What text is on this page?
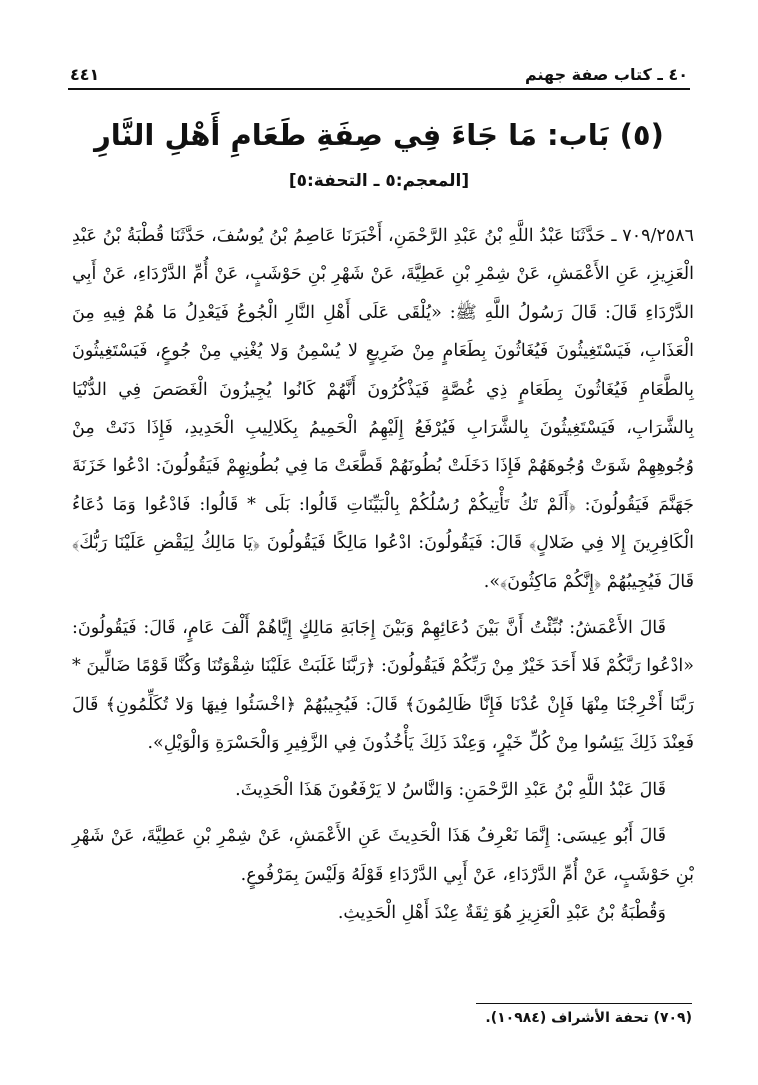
٤٠ ـ كتاب صفة جهنم
٤٤١
(٥) بَاب: مَا جَاءَ فِي صِفَةِ طَعَامِ أَهْلِ النَّارِ
[المعجم:٥ ـ التحفة:٥]

٧٠٩/٢٥٨٦ ـ حَدَّثَنَا عَبْدُ اللَّهِ بْنُ عَبْدِ الرَّحْمَنِ، أَخْبَرَنَا عَاصِمُ بْنُ يُوسُفَ، حَدَّثَنَا قُطْبَةُ بْنُ عَبْدِ الْعَزِيزِ، عَنِ الأَعْمَشِ، عَنْ شِمْرِ بْنِ عَطِيَّةَ، عَنْ شَهْرِ بْنِ حَوْشَبٍ، عَنْ أُمِّ الدَّرْدَاءِ، عَنْ أَبِي الدَّرْدَاءِ قَالَ: قَالَ رَسُولُ اللَّهِ ﷺ: «يُلْقَى عَلَى أَهْلِ النَّارِ الْجُوعُ فَيَعْدِلُ مَا هُمْ فِيهِ مِنَ الْعَذَابِ، فَيَسْتَغِيثُونَ فَيُغَاثُونَ بِطَعَامٍ مِنْ ضَرِيعٍ لا يُسْمِنُ وَلا يُغْنِي مِنْ جُوعٍ، فَيَسْتَغِيثُونَ بِالطَّعَامِ فَيُغَاثُونَ بِطَعَامٍ ذِي غُصَّةٍ فَيَذْكُرُونَ أَنَّهُمْ كَانُوا يُجِيزُونَ الْغَصَصَ فِي الدُّنْيَا بِالشَّرَابِ، فَيَسْتَغِيثُونَ بِالشَّرَابِ فَيُرْفَعُ إِلَيْهِمُ الْحَمِيمُ بِكَلالِيبِ الْحَدِيدِ، فَإِذَا دَنَتْ مِنْ وُجُوهِهِمْ شَوَتْ وُجُوهَهُمْ فَإِذَا دَخَلَتْ بُطُونَهُمْ قَطَّعَتْ مَا فِي بُطُونِهِمْ فَيَقُولُونَ: ادْعُوا خَزَنَةَ جَهَنَّمَ فَيَقُولُونَ: ﴿أَلَمْ تَكُ تَأْتِيكُمْ رُسُلُكُمْ بِالْبَيِّنَاتِ قَالُوا: بَلَى * قَالُوا: فَادْعُوا وَمَا دُعَاءُ الْكَافِرِينَ إِلا فِي ضَلالٍ﴾ قَالَ: فَيَقُولُونَ: ادْعُوا مَالِكًا فَيَقُولُونَ ﴿يَا مَالِكُ لِيَقْضِ عَلَيْنَا رَبُّكَ﴾ قَالَ فَيُجِيبُهُمْ ﴿إِنَّكُمْ مَاكِثُونَ﴾».

قَالَ الأَعْمَشُ: نُبِّئْتُ أَنَّ بَيْنَ دُعَائِهِمْ وَبَيْنَ إِجَابَةِ مَالِكٍ إِيَّاهُمْ أَلْفَ عَامٍ، قَالَ: فَيَقُولُونَ: «ادْعُوا رَبَّكُمْ فَلا أَحَدَ خَيْرٌ مِنْ رَبِّكُمْ فَيَقُولُونَ: ﴿رَبَّنَا غَلَبَتْ عَلَيْنَا شِقْوَتُنَا وَكُنَّا قَوْمًا ضَالِّينَ * رَبَّنَا أَخْرِجْنَا مِنْهَا فَإِنْ عُدْنَا فَإِنَّا ظَالِمُونَ﴾ قَالَ: فَيُجِيبُهُمْ ﴿اخْسَئُوا فِيهَا وَلا تُكَلِّمُونِ﴾ قَالَ فَعِنْدَ ذَلِكَ يَئِسُوا مِنْ كُلِّ خَيْرٍ، وَعِنْدَ ذَلِكَ يَأْخُذُونَ فِي الزَّفِيرِ وَالْحَسْرَةِ وَالْوَيْلِ».

قَالَ عَبْدُ اللَّهِ بْنُ عَبْدِ الرَّحْمَنِ: وَالنَّاسُ لا يَرْفَعُونَ هَذَا الْحَدِيثَ.

قَالَ أَبُو عِيسَى: إِنَّمَا نَعْرِفُ هَذَا الْحَدِيثَ عَنِ الأَعْمَشِ، عَنْ شِمْرِ بْنِ عَطِيَّةَ، عَنْ شَهْرِ بْنِ حَوْشَبٍ، عَنْ أُمِّ الدَّرْدَاءِ، عَنْ أَبِي الدَّرْدَاءِ قَوْلَهُ وَلَيْسَ بِمَرْفُوعٍ.

وَقُطْبَةُ بْنُ عَبْدِ الْعَزِيزِ هُوَ ثِقَةٌ عِنْدَ أَهْلِ الْحَدِيثِ.

(٧٠٩) تحفة الأشراف (١٠٩٨٤).
